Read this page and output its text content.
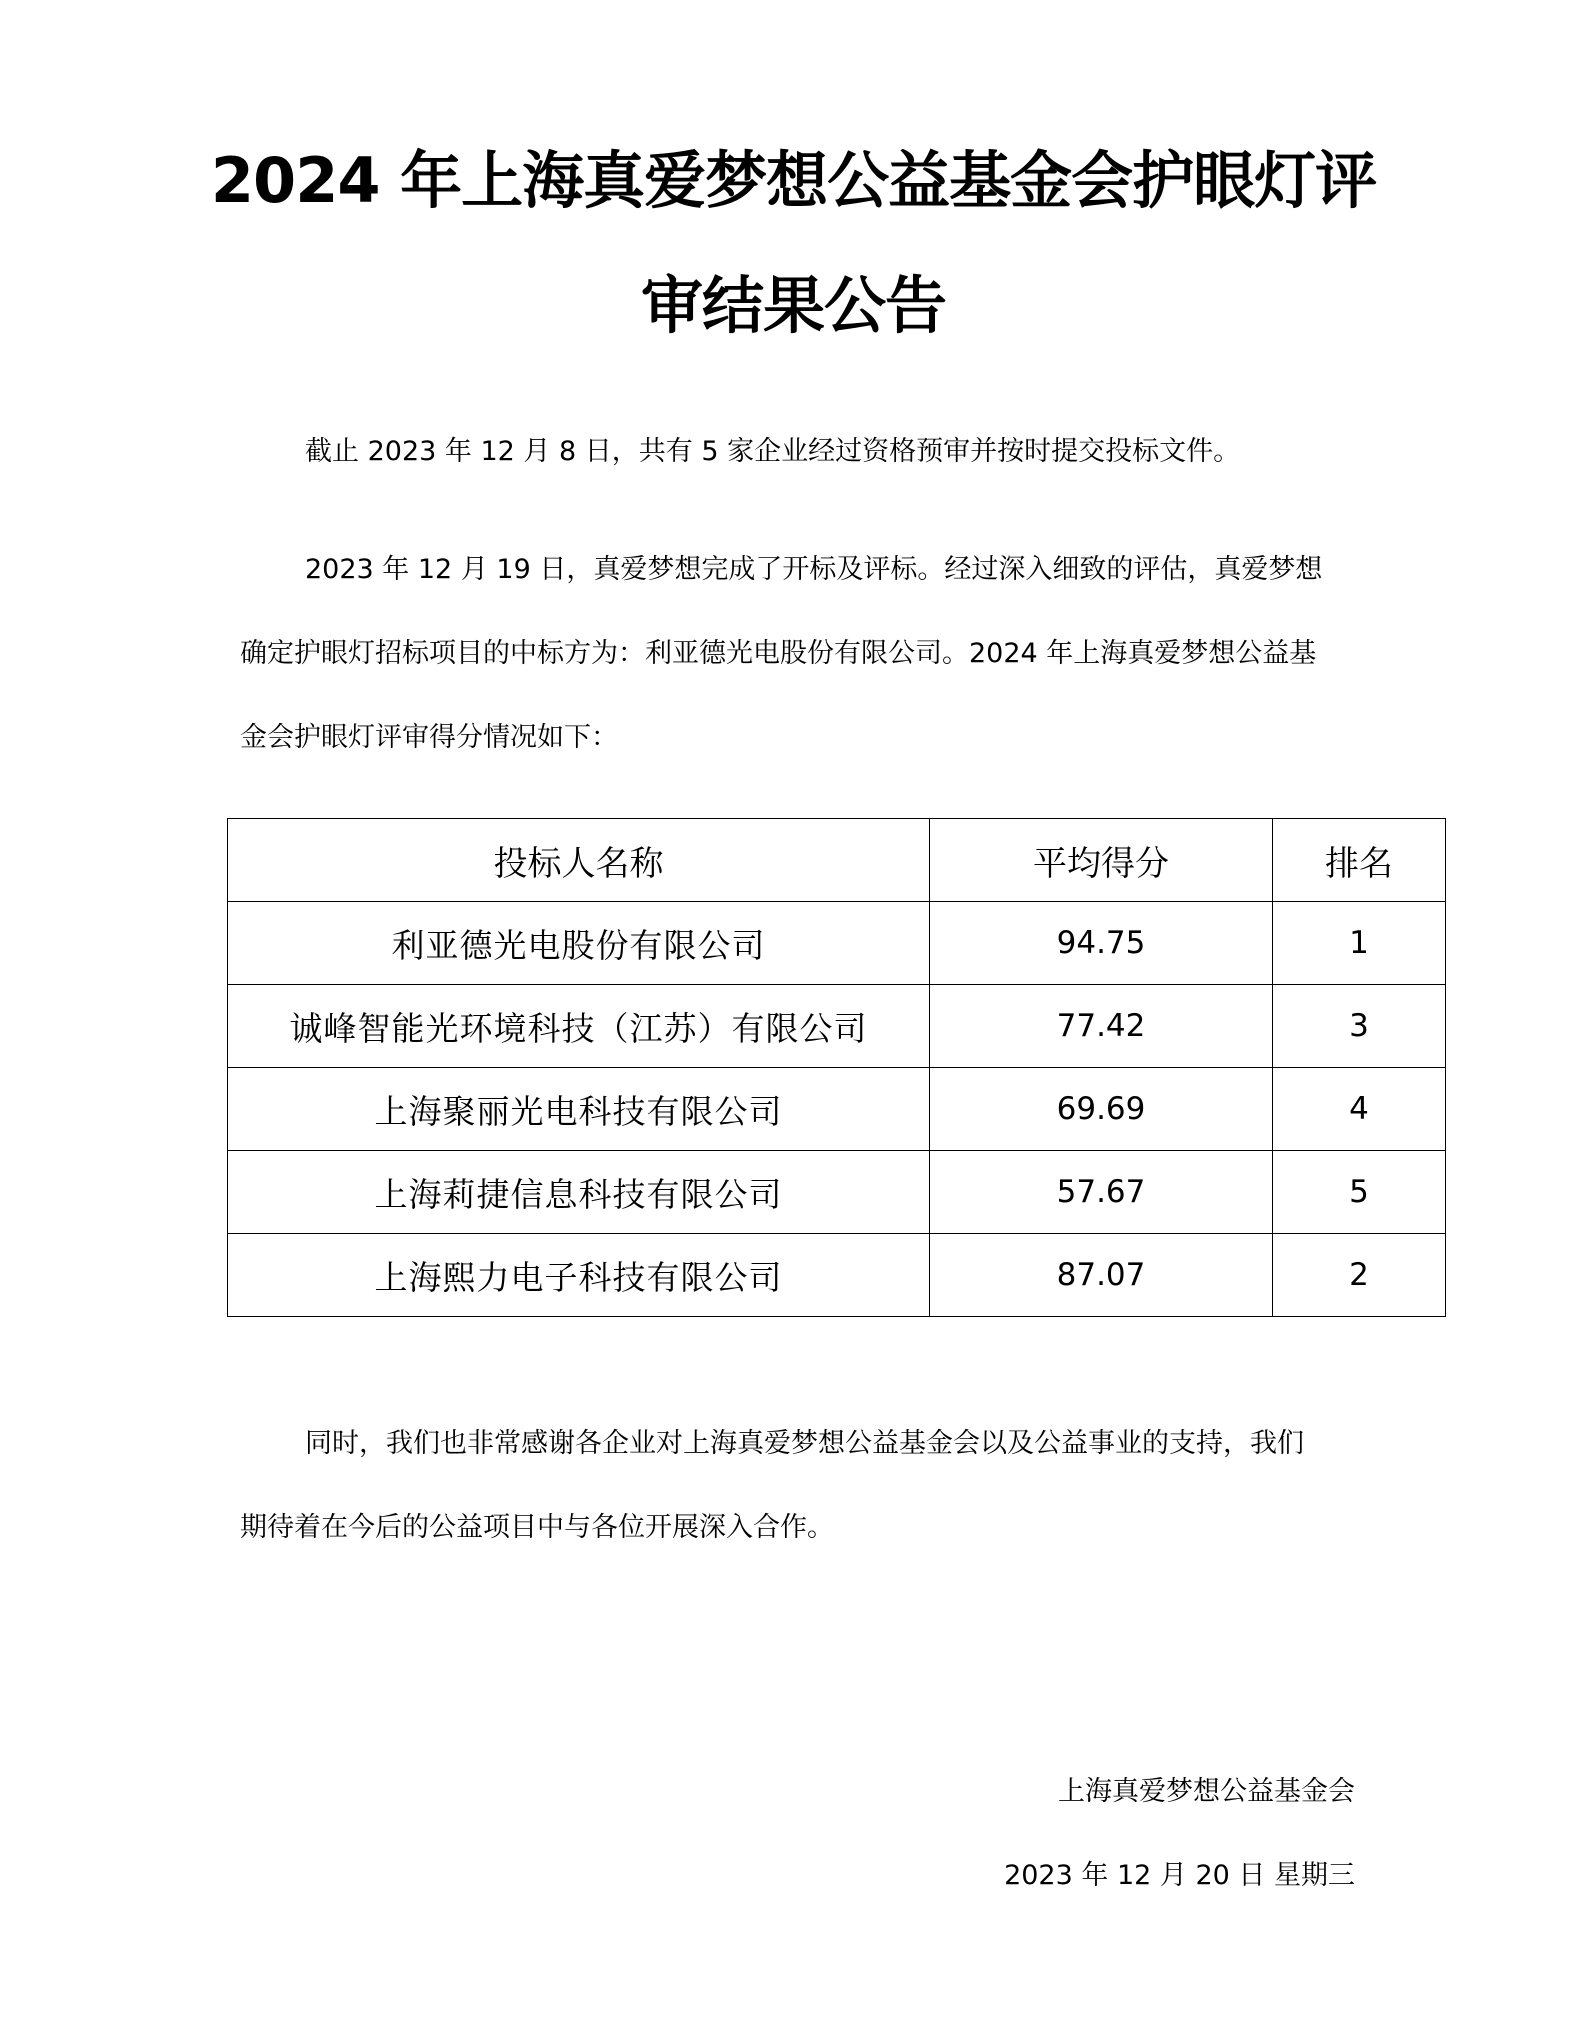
2024 年上海真爱梦想公益基金会护眼灯评
审结果公告
截止 2023 年 12 月 8 日，共有 5 家企业经过资格预审并按时提交投标文件。
2023 年 12 月 19 日，真爱梦想完成了开标及评标。经过深入细致的评估，真爱梦想
确定护眼灯招标项目的中标方为：利亚德光电股份有限公司。2024 年上海真爱梦想公益基
金会护眼灯评审得分情况如下：
投标人名称	平均得分	排名
利亚德光电股份有限公司	94.75	1
诚峰智能光环境科技（江苏）有限公司	77.42	3
上海聚丽光电科技有限公司	69.69	4
上海莉捷信息科技有限公司	57.67	5
上海熙力电子科技有限公司	87.07	2
同时，我们也非常感谢各企业对上海真爱梦想公益基金会以及公益事业的支持，我们
期待着在今后的公益项目中与各位开展深入合作。
上海真爱梦想公益基金会
2023 年 12 月 20 日 星期三
